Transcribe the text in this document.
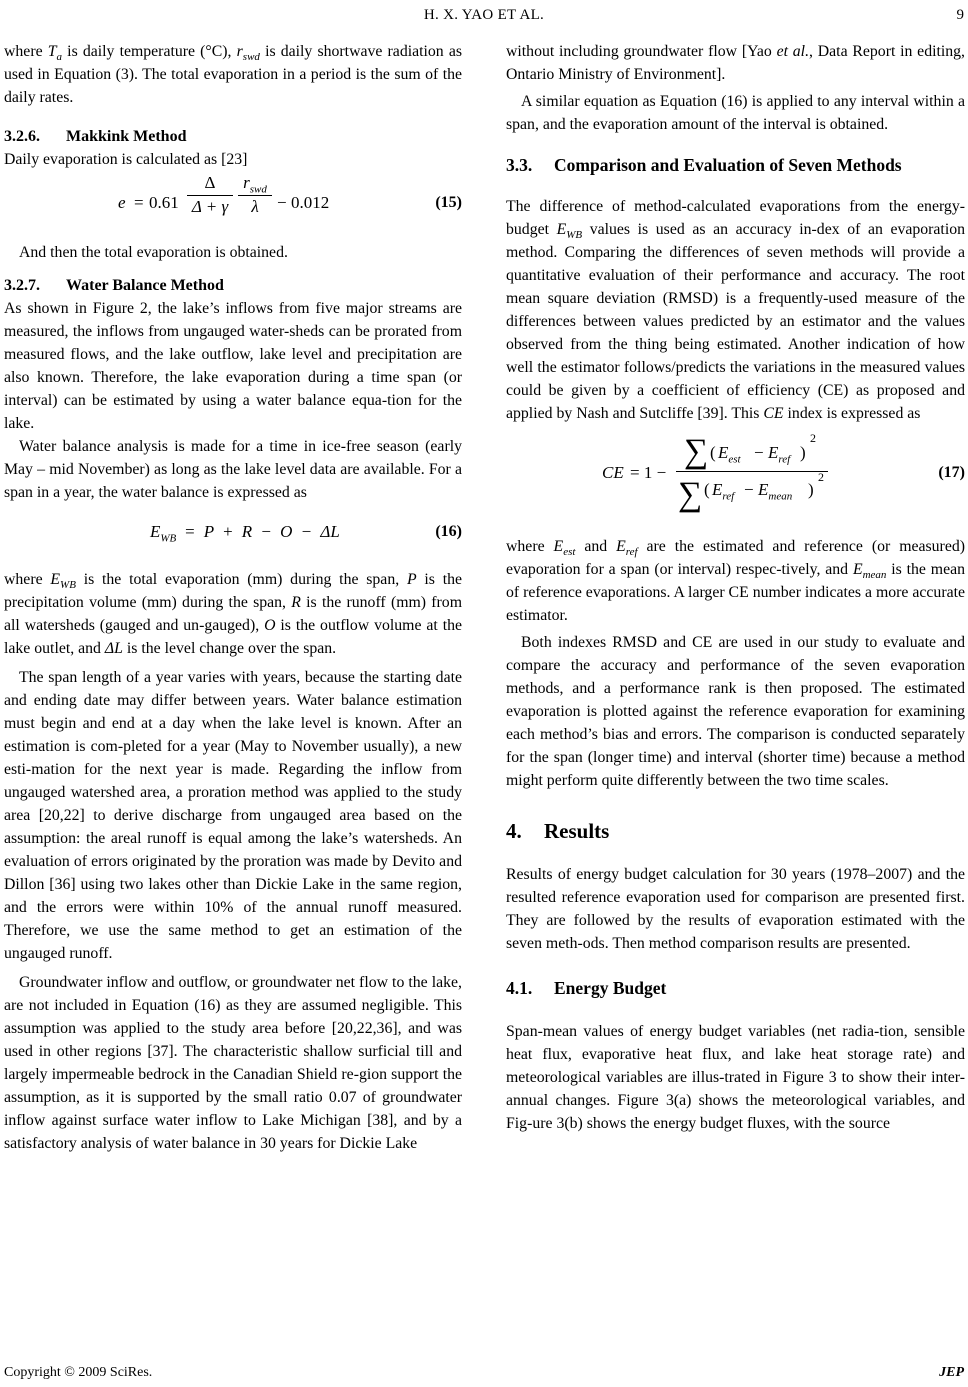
H. X. YAO ET AL.	9

where $T_a$ is daily temperature (°C), $r_{swd}$ is daily shortwave radiation as used in Equation (3). The total evaporation in a period is the sum of the daily rates.

3.2.6. Makkink Method

Daily evaporation is calculated as [23]

e = 0.61
Δ
Δ + γ
$r_{swd}$
λ	− 0.012	(15)

And then the total evaporation is obtained.

3.2.7. Water Balance Method

As shown in Figure 2, the lake’s inflows from five major streams are measured, the inflows from ungauged water-sheds can be prorated from measured flows, and the lake outflow, lake level and precipitation are also known. Therefore, the lake evaporation during a time span (or interval) can be estimated by using a water balance equa-tion for the lake.

Water balance analysis is made for a time in ice-free season (early May – mid November) as long as the lake level data are available. For a span in a year, the water balance is expressed as

$E_{WB} = P + R - O - \Delta L$	(16)

where $E_{WB}$ is the total evaporation (mm) during the span, P is the precipitation volume (mm) during the span, R is the runoff (mm) from all watersheds (gauged and un-gauged), O is the outflow volume at the lake outlet, and ΔL is the level change over the span.

The span length of a year varies with years, because the starting date and ending date may differ between years. Water balance estimation must begin and end at a day when the lake level is known. After an estimation is com-pleted for a year (May to November usually), a new esti-mation for the next year is made. Regarding the inflow from ungauged watershed area, a proration method was applied to the study area [20,22] to derive discharge from ungauged area based on the assumption: the areal runoff is equal among the lake’s watersheds. An evaluation of errors originated by the proration was made by Devito and Dillon [36] using two lakes other than Dickie Lake in the same region, and the errors were within 10% of the annual runoff measured. Therefore, we use the same method to get an estimation of the ungauged runoff.

Groundwater inflow and outflow, or groundwater net flow to the lake, are not included in Equation (16) as they are assumed negligible. This assumption was applied to the study area before [20,22,36], and was used in other regions [37]. The characteristic shallow surficial till and largely impermeable bedrock in the Canadian Shield re-gion support the assumption, as it is supported by the small ratio 0.07 of groundwater inflow against surface water inflow to Lake Michigan [38], and by a satisfactory analysis of water balance in 30 years for Dickie Lake

without including groundwater flow [Yao et al., Data Report in editing, Ontario Ministry of Environment].

A similar equation as Equation (16) is applied to any interval within a span, and the evaporation amount of the interval is obtained.

3.3. Comparison and Evaluation of Seven Methods

The difference of method-calculated evaporations from the energy-budget $E_{WB}$ values is used as an accuracy in-dex of an evaporation method. Comparing the differences of seven methods will provide a quantitative evaluation of their performance and accuracy. The root mean square deviation (RMSD) is a frequently-used measure of the differences between values predicted by an estimator and the values observed from the thing being estimated. Another indication of how well the estimator follows/predicts the variations in the measured values could be given by a coefficient of efficiency (CE) as proposed and applied by Nash and Sutcliffe [39]. This CE index is expressed as

CE = 1 −
∑ ( $E_{est} - E_{ref}$ )
2
∑ ( $E_{ref} - E_{mean}$ )
2	(17)

where $E_{est}$ and $E_{ref}$ are the estimated and reference (or measured) evaporation for a span (or interval) respec-tively, and $E_{mean}$ is the mean of reference evaporations. A larger CE number indicates a more accurate estimator.

Both indexes RMSD and CE are used in our study to evaluate and compare the accuracy and performance of the seven evaporation methods, and a performance rank is then proposed. The estimated evaporation is plotted against the reference evaporation for examining each method’s bias and errors. The comparison is conducted separately for the span (longer time) and interval (shorter time) because a method might perform quite differently between the two time scales.

4. Results

Results of energy budget calculation for 30 years (1978–2007) and the resulted reference evaporation used for comparison are presented first. They are followed by the results of evaporation estimated with the seven meth-ods. Then method comparison results are presented.

4.1. Energy Budget

Span-mean values of energy budget variables (net radia-tion, sensible heat flux, evaporative heat flux, and lake heat storage rate) and meteorological variables are illus-trated in Figure 3 to show their inter-annual changes. Figure 3(a) shows the meteorological variables, and Fig-ure 3(b) shows the energy budget fluxes, with the source

Copyright © 2009 SciRes.	JEP
